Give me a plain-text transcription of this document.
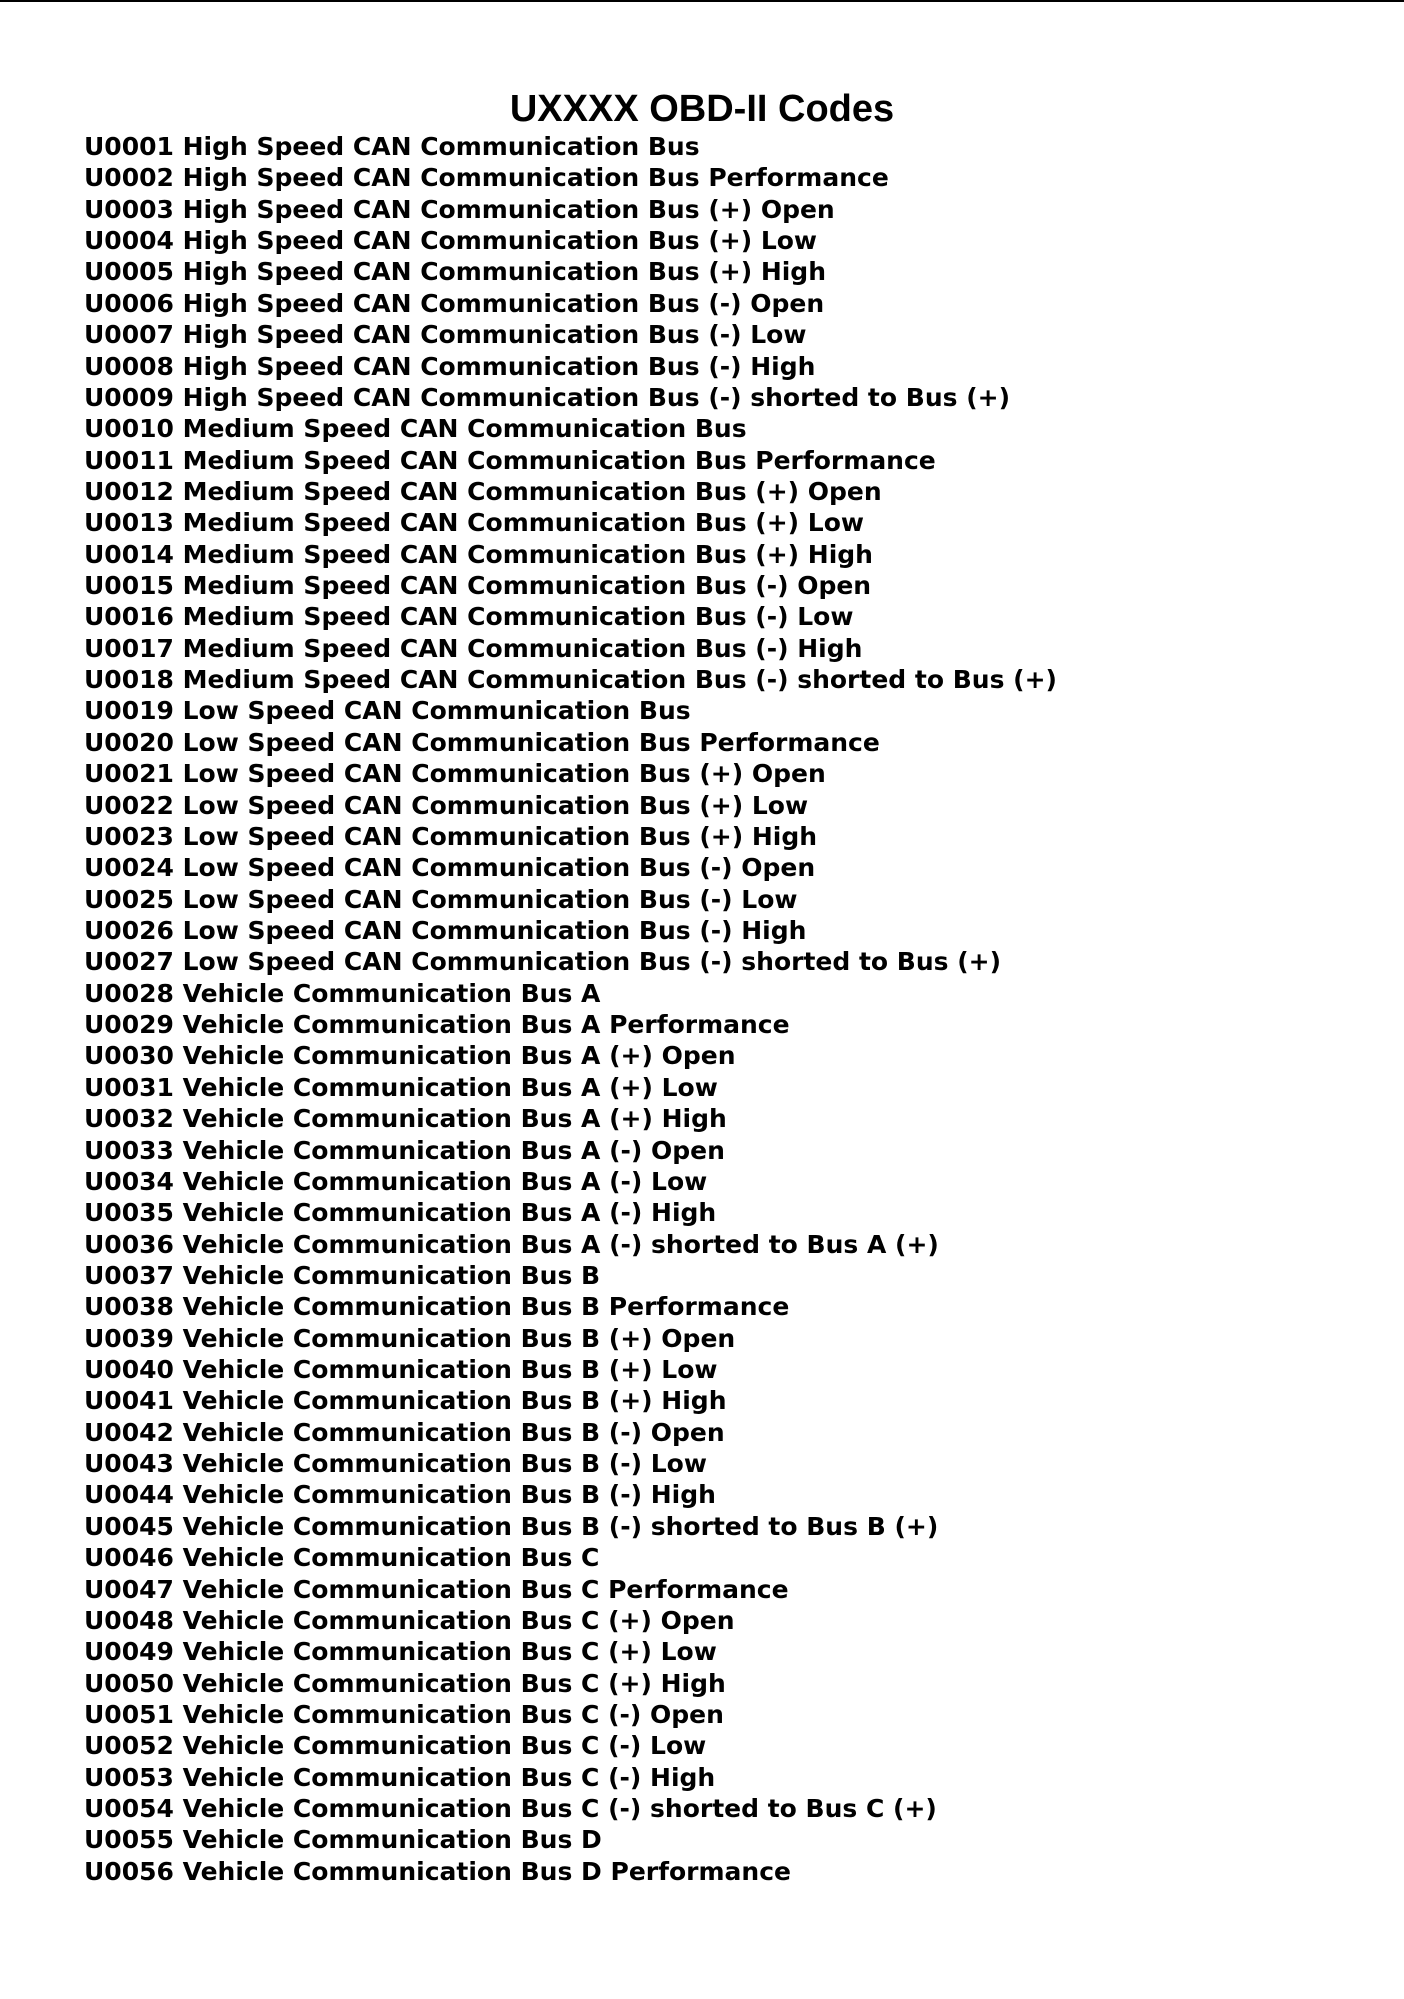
UXXXX OBD-II Codes
U0001 High Speed CAN Communication Bus
U0002 High Speed CAN Communication Bus Performance
U0003 High Speed CAN Communication Bus (+) Open
U0004 High Speed CAN Communication Bus (+) Low
U0005 High Speed CAN Communication Bus (+) High
U0006 High Speed CAN Communication Bus (-) Open
U0007 High Speed CAN Communication Bus (-) Low
U0008 High Speed CAN Communication Bus (-) High
U0009 High Speed CAN Communication Bus (-) shorted to Bus (+)
U0010 Medium Speed CAN Communication Bus
U0011 Medium Speed CAN Communication Bus Performance
U0012 Medium Speed CAN Communication Bus (+) Open
U0013 Medium Speed CAN Communication Bus (+) Low
U0014 Medium Speed CAN Communication Bus (+) High
U0015 Medium Speed CAN Communication Bus (-) Open
U0016 Medium Speed CAN Communication Bus (-) Low
U0017 Medium Speed CAN Communication Bus (-) High
U0018 Medium Speed CAN Communication Bus (-) shorted to Bus (+)
U0019 Low Speed CAN Communication Bus
U0020 Low Speed CAN Communication Bus Performance
U0021 Low Speed CAN Communication Bus (+) Open
U0022 Low Speed CAN Communication Bus (+) Low
U0023 Low Speed CAN Communication Bus (+) High
U0024 Low Speed CAN Communication Bus (-) Open
U0025 Low Speed CAN Communication Bus (-) Low
U0026 Low Speed CAN Communication Bus (-) High
U0027 Low Speed CAN Communication Bus (-) shorted to Bus (+)
U0028 Vehicle Communication Bus A
U0029 Vehicle Communication Bus A Performance
U0030 Vehicle Communication Bus A (+) Open
U0031 Vehicle Communication Bus A (+) Low
U0032 Vehicle Communication Bus A (+) High
U0033 Vehicle Communication Bus A (-) Open
U0034 Vehicle Communication Bus A (-) Low
U0035 Vehicle Communication Bus A (-) High
U0036 Vehicle Communication Bus A (-) shorted to Bus A (+)
U0037 Vehicle Communication Bus B
U0038 Vehicle Communication Bus B Performance
U0039 Vehicle Communication Bus B (+) Open
U0040 Vehicle Communication Bus B (+) Low
U0041 Vehicle Communication Bus B (+) High
U0042 Vehicle Communication Bus B (-) Open
U0043 Vehicle Communication Bus B (-) Low
U0044 Vehicle Communication Bus B (-) High
U0045 Vehicle Communication Bus B (-) shorted to Bus B (+)
U0046 Vehicle Communication Bus C
U0047 Vehicle Communication Bus C Performance
U0048 Vehicle Communication Bus C (+) Open
U0049 Vehicle Communication Bus C (+) Low
U0050 Vehicle Communication Bus C (+) High
U0051 Vehicle Communication Bus C (-) Open
U0052 Vehicle Communication Bus C (-) Low
U0053 Vehicle Communication Bus C (-) High
U0054 Vehicle Communication Bus C (-) shorted to Bus C (+)
U0055 Vehicle Communication Bus D
U0056 Vehicle Communication Bus D Performance
